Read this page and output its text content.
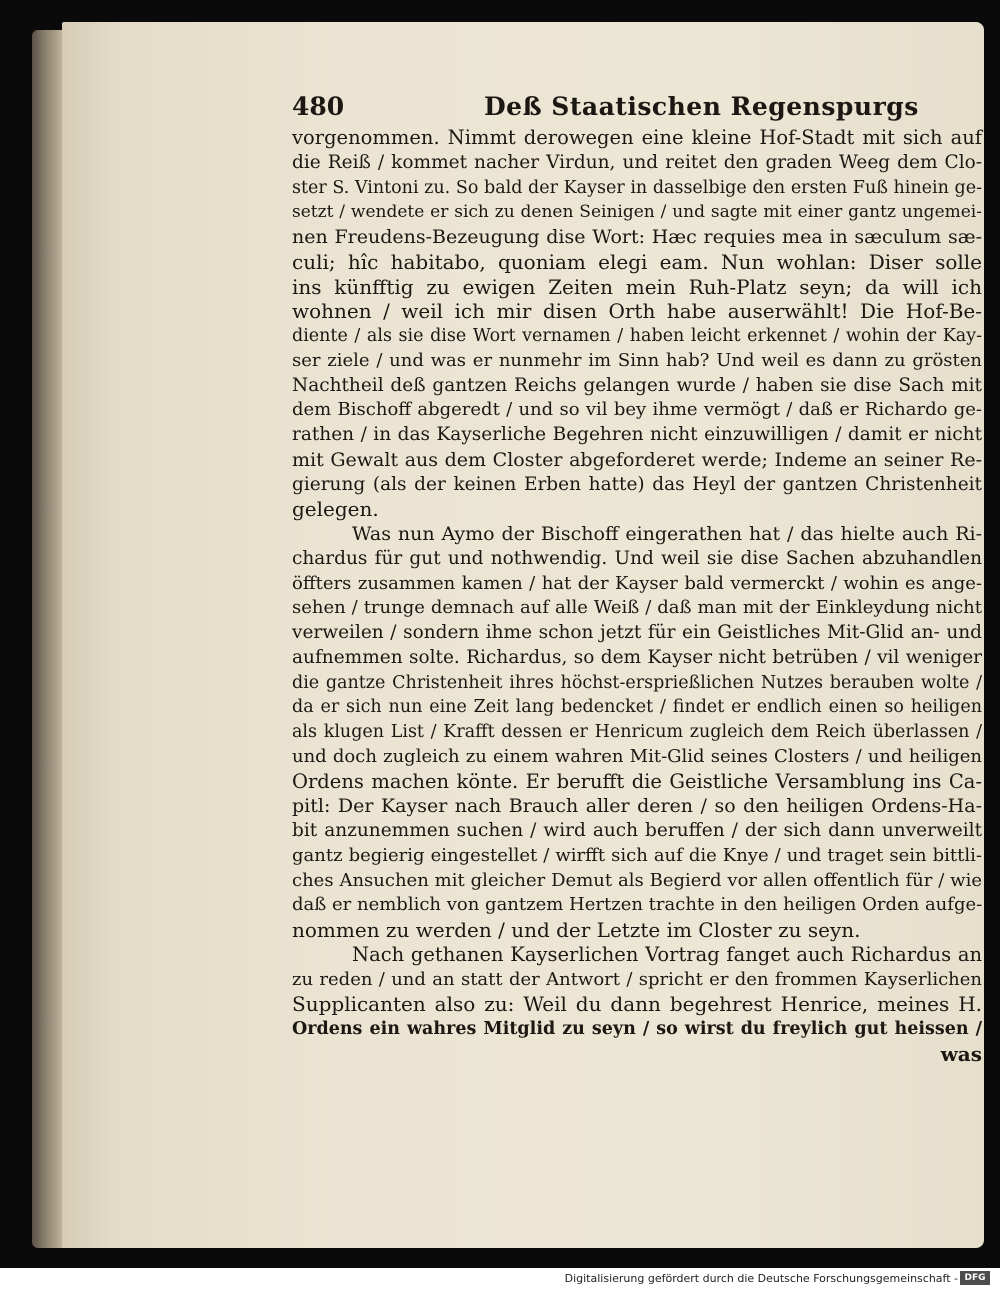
480	Deß Staatischen Regenspurgs
vorgenommen. Nimmt derowegen eine kleine Hof-Stadt mit sich auf
die Reiß / kommet nacher Virdun, und reitet den graden Weeg dem Clo-
ster S. Vintoni zu. So bald der Kayser in dasselbige den ersten Fuß hinein ge-
setzt / wendete er sich zu denen Seinigen / und sagte mit einer gantz ungemei-
nen Freudens-Bezeugung dise Wort: Hæc requies mea in sæculum sæ-
culi; hîc habitabo, quoniam elegi eam. Nun wohlan: Diser solle
ins künfftig zu ewigen Zeiten mein Ruh-Platz seyn; da will ich
wohnen / weil ich mir disen Orth habe auserwählt! Die Hof-Be-
diente / als sie dise Wort vernamen / haben leicht erkennet / wohin der Kay-
ser ziele / und was er nunmehr im Sinn hab? Und weil es dann zu grösten
Nachtheil deß gantzen Reichs gelangen wurde / haben sie dise Sach mit
dem Bischoff abgeredt / und so vil bey ihme vermögt / daß er Richardo ge-
rathen / in das Kayserliche Begehren nicht einzuwilligen / damit er nicht
mit Gewalt aus dem Closter abgeforderet werde; Indeme an seiner Re-
gierung (als der keinen Erben hatte) das Heyl der gantzen Christenheit
gelegen.
Was nun Aymo der Bischoff eingerathen hat / das hielte auch Ri-
chardus für gut und nothwendig. Und weil sie dise Sachen abzuhandlen
öffters zusammen kamen / hat der Kayser bald vermerckt / wohin es ange-
sehen / trunge demnach auf alle Weiß / daß man mit der Einkleydung nicht
verweilen / sondern ihme schon jetzt für ein Geistliches Mit-Glid an- und
aufnemmen solte. Richardus, so dem Kayser nicht betrüben / vil weniger
die gantze Christenheit ihres höchst-ersprießlichen Nutzes berauben wolte /
da er sich nun eine Zeit lang bedencket / findet er endlich einen so heiligen
als klugen List / Krafft dessen er Henricum zugleich dem Reich überlassen /
und doch zugleich zu einem wahren Mit-Glid seines Closters / und heiligen
Ordens machen könte. Er berufft die Geistliche Versamblung ins Ca-
pitl: Der Kayser nach Brauch aller deren / so den heiligen Ordens-Ha-
bit anzunemmen suchen / wird auch beruffen / der sich dann unverweilt
gantz begierig eingestellet / wirfft sich auf die Knye / und traget sein bittli-
ches Ansuchen mit gleicher Demut als Begierd vor allen offentlich für / wie
daß er nemblich von gantzem Hertzen trachte in den heiligen Orden aufge-
nommen zu werden / und der Letzte im Closter zu seyn.
Nach gethanen Kayserlichen Vortrag fanget auch Richardus an
zu reden / und an statt der Antwort / spricht er den frommen Kayserlichen
Supplicanten also zu: Weil du dann begehrest Henrice, meines H.
Ordens ein wahres Mitglid zu seyn / so wirst du freylich gut heissen /
was
Digitalisierung gefördert durch die Deutsche Forschungsgemeinschaft - DFG
